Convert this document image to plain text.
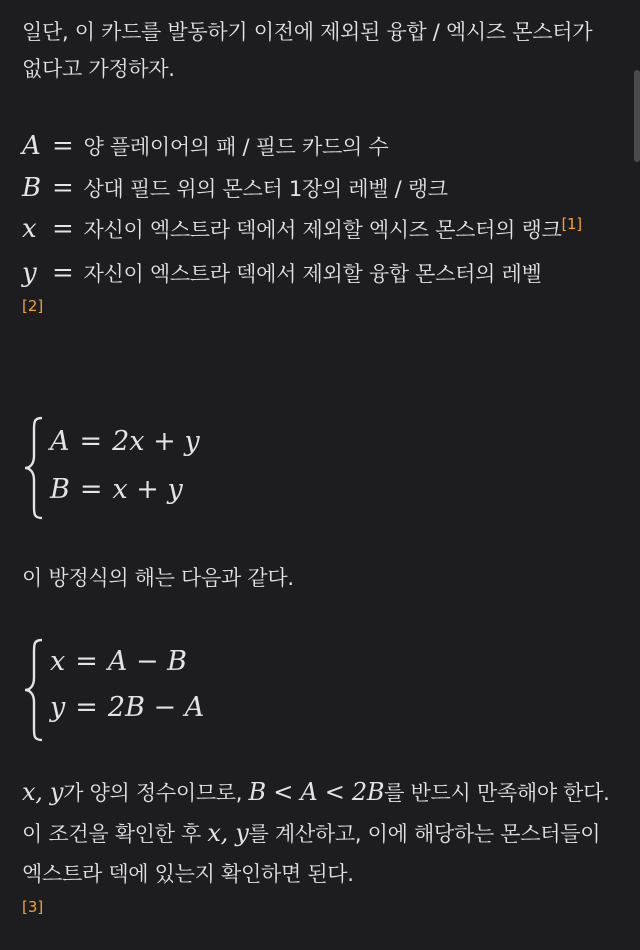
일단, 이 카드를 발동하기 이전에 제외된 융합 / 엑시즈 몬스터가 없다고 가정하자.

A = 양 플레이어의 패 / 필드 카드의 수
B = 상대 필드 위의 몬스터 1장의 레벨 / 랭크
x = 자신이 엑스트라 덱에서 제외할 엑시즈 몬스터의 랭크[1]
y = 자신이 엑스트라 덱에서 제외할 융합 몬스터의 레벨
[2]
A = 2x + y
B = x + y

이 방정식의 해는 다음과 같다.

x = A − B
y = 2B − A

x, y가 양의 정수이므로, B < A < 2B를 반드시 만족해야 한다. 이 조건을 확인한 후 x, y를 계산하고, 이에 해당하는 몬스터들이 엑스트라 덱에 있는지 확인하면 된다.

[3]
